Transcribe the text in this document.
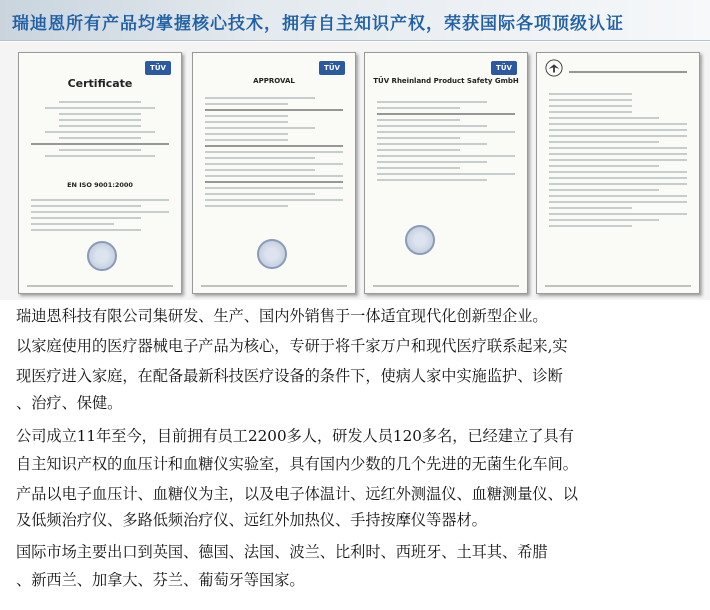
瑞迪恩所有产品均掌握核心技术，拥有自主知识产权，荣获国际各项顶级认证
TÜV
Certificate
EN ISO 9001:2000
TÜV
APPROVAL
TÜV
TÜV Rheinland Product Safety GmbH

瑞迪恩科技有限公司集研发、生产、国内外销售于一体适宜现代化创新型企业。

以家庭使用的医疗器械电子产品为核心，专研于将千家万户和现代医疗联系起来,实

现医疗进入家庭，在配备最新科技医疗设备的条件下，使病人家中实施监护、诊断

、治疗、保健。

公司成立11年至今，目前拥有员工2200多人，研发人员120多名，已经建立了具有

自主知识产权的血压计和血糖仪实验室，具有国内少数的几个先进的无菌生化车间。

产品以电子血压计、血糖仪为主，以及电子体温计、远红外测温仪、血糖测量仪、以

及低频治疗仪、多路低频治疗仪、远红外加热仪、手持按摩仪等器材。

国际市场主要出口到英国、德国、法国、波兰、比利时、西班牙、土耳其、希腊

、新西兰、加拿大、芬兰、葡萄牙等国家。
